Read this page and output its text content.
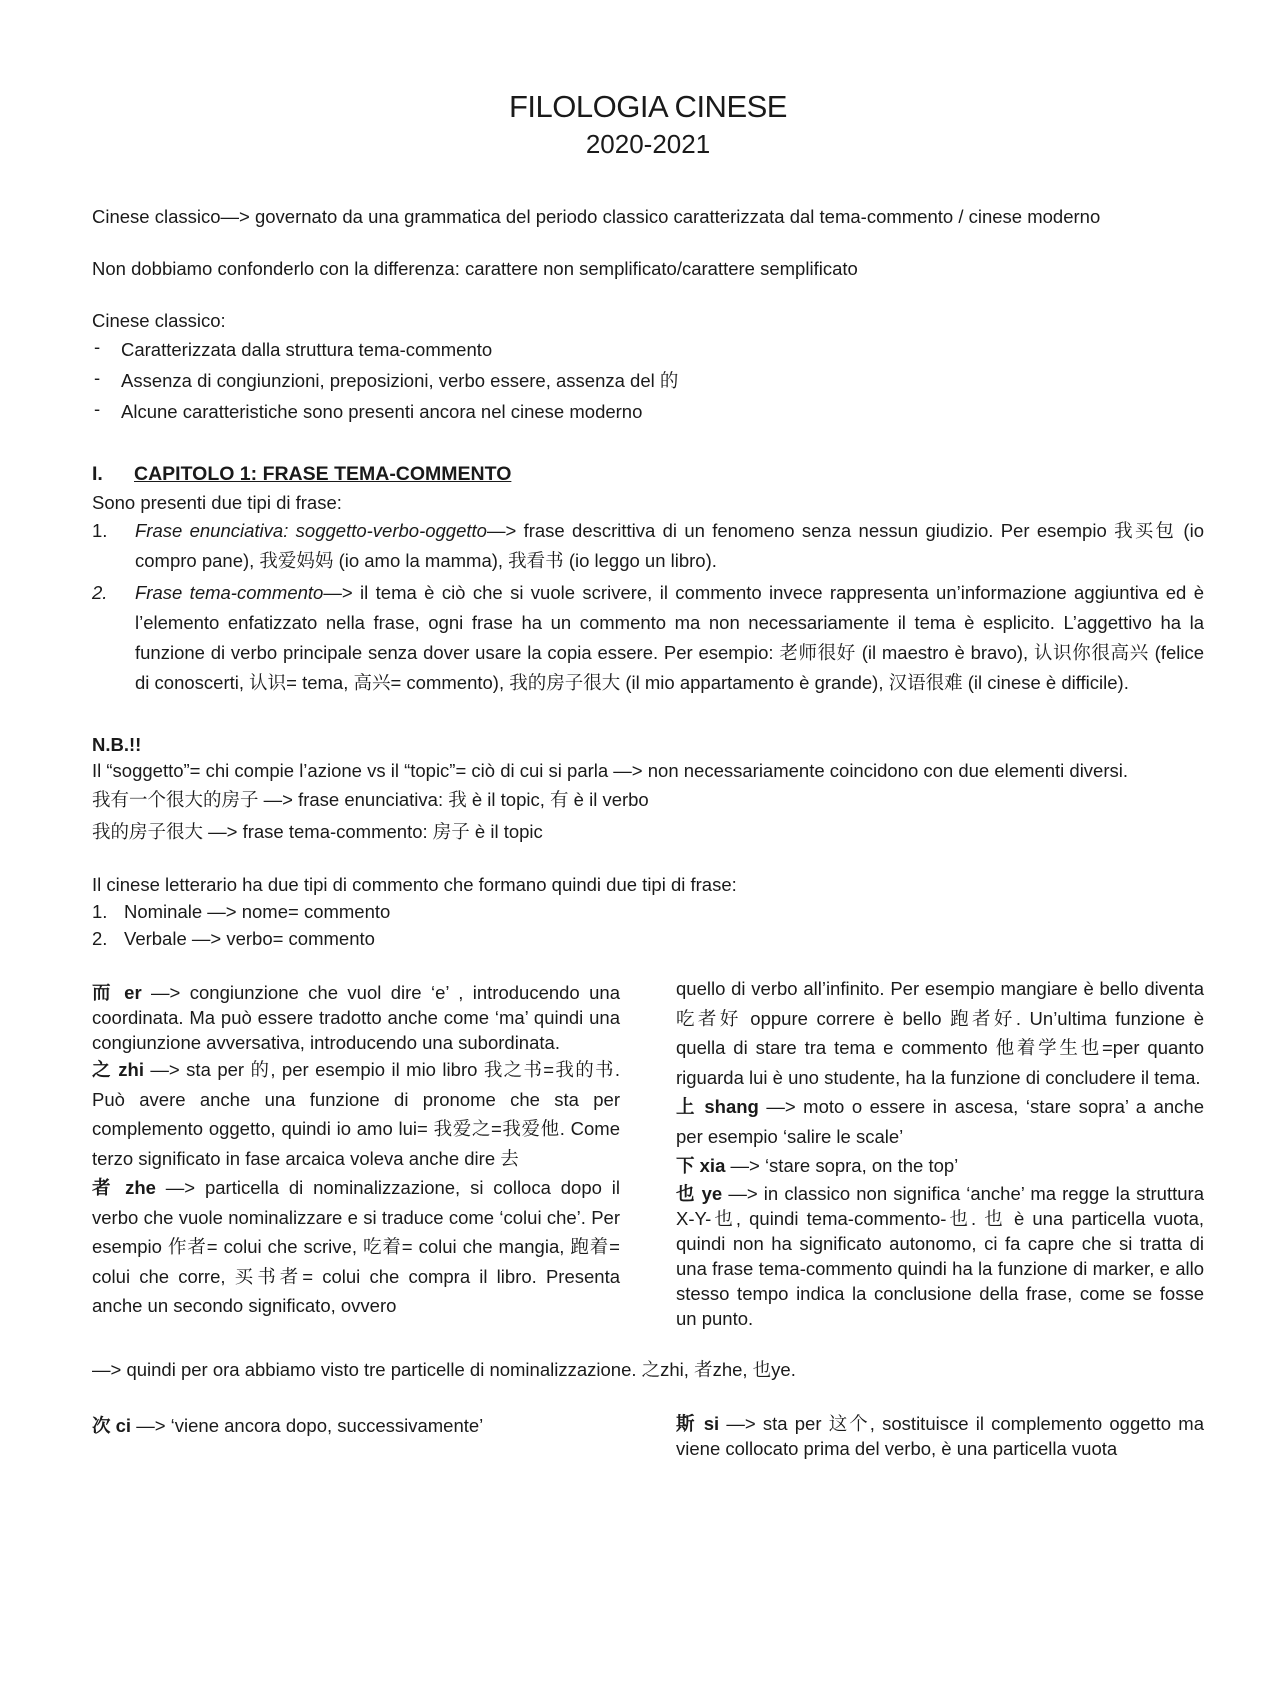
FILOLOGIA CINESE
2020-2021

Cinese classico—> governato da una grammatica del periodo classico caratterizzata dal tema-commento / cinese moderno

Non dobbiamo confonderlo con la differenza: carattere non semplificato/carattere semplificato

Cinese classico:

- Caratterizzata dalla struttura tema-commento
- Assenza di congiunzioni, preposizioni, verbo essere, assenza del 的
- Alcune caratteristiche sono presenti ancora nel cinese moderno
I. CAPITOLO 1: FRASE TEMA-COMMENTO

Sono presenti due tipi di frase:

1. Frase enunciativa: soggetto-verbo-oggetto—> frase descrittiva di un fenomeno senza nessun giudizio. Per esempio 我买包 (io compro pane), 我爱妈妈 (io amo la mamma), 我看书 (io leggo un libro).
2. Frase tema-commento—> il tema è ciò che si vuole scrivere, il commento invece rappresenta un’informazione aggiuntiva ed è l’elemento enfatizzato nella frase, ogni frase ha un commento ma non necessariamente il tema è esplicito. L’aggettivo ha la funzione di verbo principale senza dover usare la copia essere. Per esempio: 老师很好 (il maestro è bravo), 认识你很高兴 (felice di conoscerti, 认识= tema, 高兴= commento), 我的房子很大 (il mio appartamento è grande), 汉语很难 (il cinese è difficile).

N.B.!!

Il “soggetto”= chi compie l’azione vs il “topic”= ciò di cui si parla —> non necessariamente coincidono con due elementi diversi.

我有一个很大的房子 —> frase enunciativa: 我 è il topic, 有 è il verbo
我的房子很大 —> frase tema-commento: 房子 è il topic

Il cinese letterario ha due tipi di commento che formano quindi due tipi di frase:

1. Nominale —> nome= commento
2. Verbale —> verbo= commento

而 er —> congiunzione che vuol dire ‘e’ , introducendo una coordinata. Ma può essere tradotto anche come ‘ma’ quindi una congiunzione avversativa, introducendo una subordinata.

之 zhi —> sta per 的, per esempio il mio libro 我之书=我的书. Può avere anche una funzione di pronome che sta per complemento oggetto, quindi io amo lui= 我爱之=我爱他. Come terzo significato in fase arcaica voleva anche dire 去

者 zhe —> particella di nominalizzazione, si colloca dopo il verbo che vuole nominalizzare e si traduce come ‘colui che’. Per esempio 作者= colui che scrive, 吃着= colui che mangia, 跑着= colui che corre, 买书者= colui che compra il libro. Presenta anche un secondo significato, ovvero

quello di verbo all’infinito. Per esempio mangiare è bello diventa 吃者好 oppure correre è bello 跑者好. Un’ultima funzione è quella di stare tra tema e commento 他着学生也=per quanto riguarda lui è uno studente, ha la funzione di concludere il tema.

上 shang —> moto o essere in ascesa, ‘stare sopra’ a anche per esempio ‘salire le scale’

下 xia —> ‘stare sopra, on the top’

也 ye —> in classico non significa ‘anche’ ma regge la struttura X-Y-也, quindi tema-commento-也. 也 è una particella vuota, quindi non ha significato autonomo, ci fa capre che si tratta di una frase tema-commento quindi ha la funzione di marker, e allo stesso tempo indica la conclusione della frase, come se fosse un punto.

—> quindi per ora abbiamo visto tre particelle di nominalizzazione. 之zhi, 者zhe, 也ye.

次 ci —> ‘viene ancora dopo, successivamente’	斯 si —> sta per 这个, sostituisce il complemento oggetto ma viene collocato prima del verbo, è una particella vuota
